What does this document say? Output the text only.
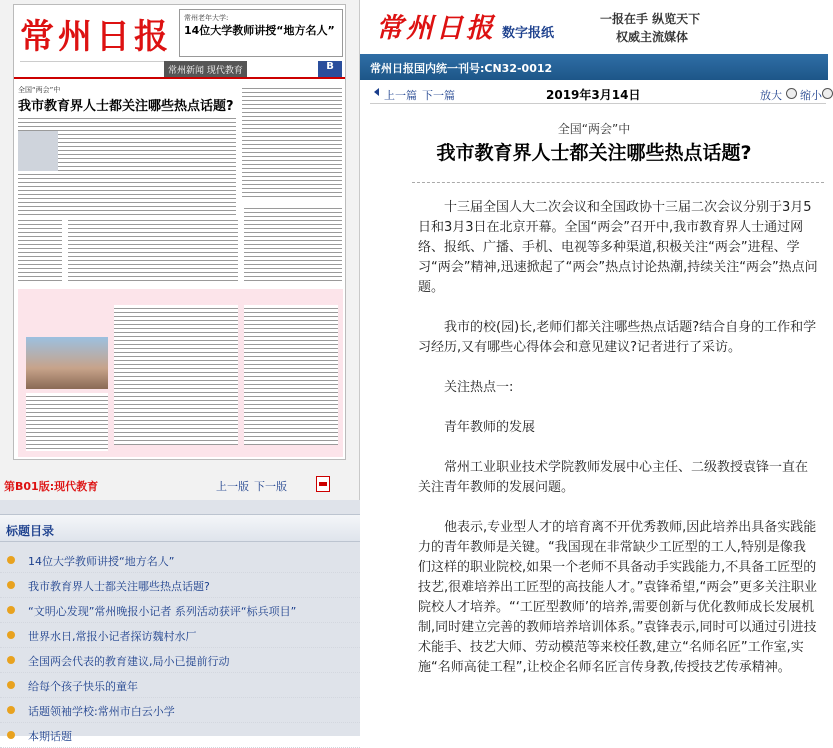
常州日报 常州老年大学:
14位大学教师讲授“地方名人”
常州新闻 现代教育	B
全国“两会”中
我市教育界人士都关注哪些热点话题?
第B01版:现代教育	上一版 下一版
标题目录
14位大学教师讲授“地方名人”
我市教育界人士都关注哪些热点话题?
“文明心发现”常州晚报小记者 系列活动获评“标兵项目”
世界水日,常报小记者探访魏村水厂
全国两会代表的教育建议,局小已提前行动
给每个孩子快乐的童年
话题领袖学校:常州市白云小学
本期话题
常州日报 数字报纸
一报在手 纵览天下
权威主流媒体
常州日报国内统一刊号:CN32-0012
上一篇 下一篇	2019年3月14日	放大 缩小
全国“两会”中
我市教育界人士都关注哪些热点话题?

十三届全国人大二次会议和全国政协十三届二次会议分别于3月5日和3月3日在北京开幕。全国“两会”召开中,我市教育界人士通过网络、报纸、广播、手机、电视等多种渠道,积极关注“两会”进程、学习“两会”精神,迅速掀起了“两会”热点讨论热潮,持续关注“两会”热点问题。

我市的校(园)长,老师们都关注哪些热点话题?结合自身的工作和学习经历,又有哪些心得体会和意见建议?记者进行了采访。

关注热点一:

青年教师的发展

常州工业职业技术学院教师发展中心主任、二级教授袁锋一直在关注青年教师的发展问题。

他表示,专业型人才的培育离不开优秀教师,因此培养出具备实践能力的青年教师是关键。“我国现在非常缺少工匠型的工人,特别是像我们这样的职业院校,如果一个老师不具备动手实践能力,不具备工匠型的技艺,很难培养出工匠型的高技能人才。”袁锋希望,“两会”更多关注职业院校人才培养。“‘工匠型教师’的培养,需要创新与优化教师成长发展机制,同时建立完善的教师培养培训体系。”袁锋表示,同时可以通过引进技术能手、技艺大师、劳动模范等来校任教,建立“名师名匠”工作室,实施“名师高徒工程”,让校企名师名匠言传身教,传授技艺传承精神。
